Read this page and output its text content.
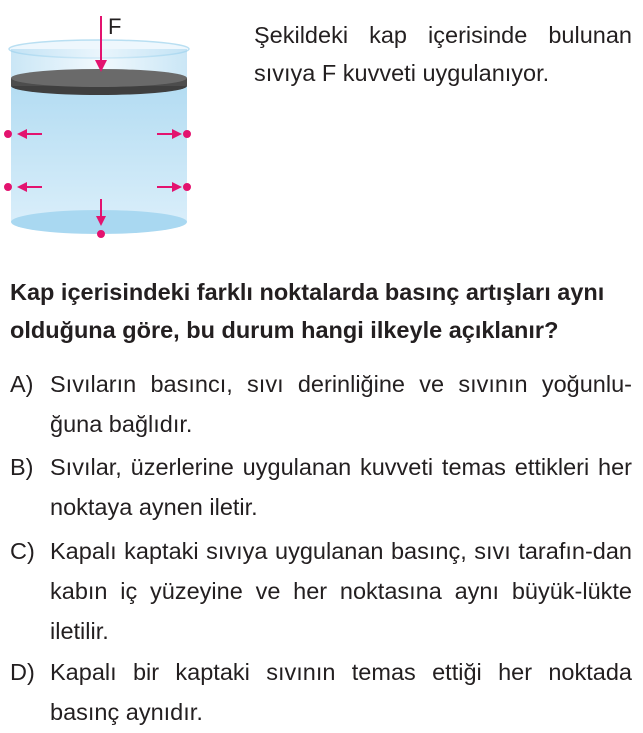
F	Şekildeki kap içerisinde bulunan sıvıya F kuvveti uygulanıyor.
Kap içerisindeki farklı noktalarda basınç artışları aynı olduğuna göre, bu durum hangi ilkeyle açıklanır?
A) Sıvıların basıncı, sıvı derinliğine ve sıvının yoğunlu-ğuna bağlıdır.
B) Sıvılar, üzerlerine uygulanan kuvveti temas ettikleri her noktaya aynen iletir.
C) Kapalı kaptaki sıvıya uygulanan basınç, sıvı tarafın-dan kabın iç yüzeyine ve her noktasına aynı büyük-lükte iletilir.
D) Kapalı bir kaptaki sıvının temas ettiği her noktada basınç aynıdır.
